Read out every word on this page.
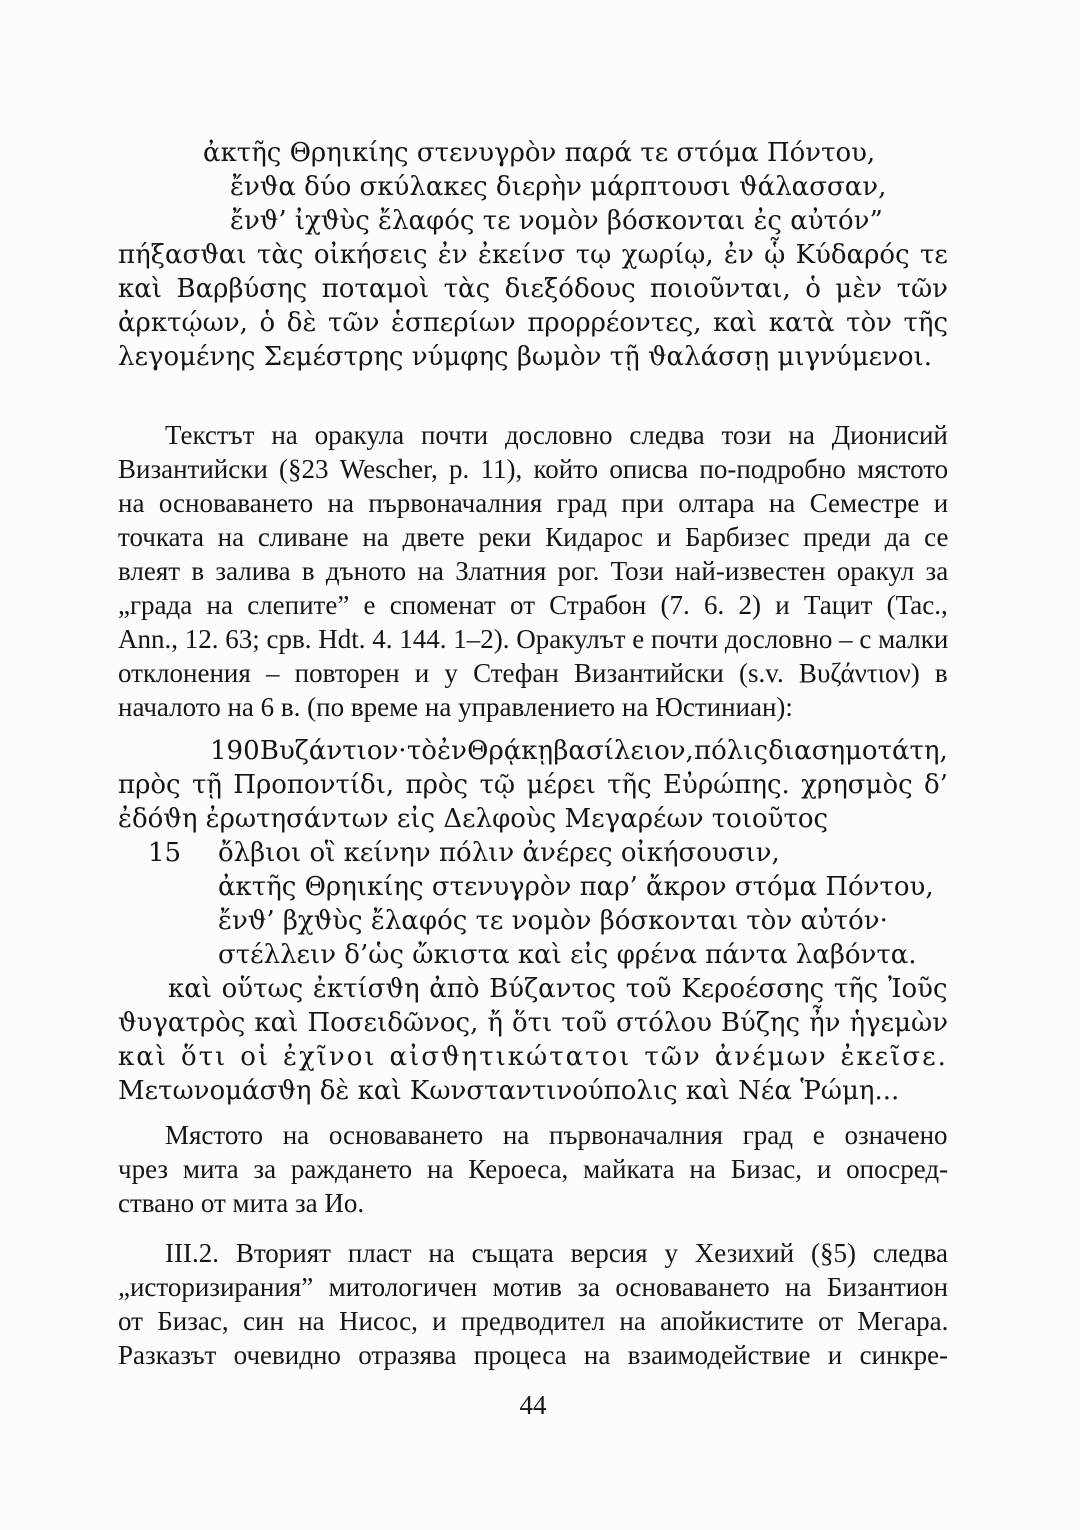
ἀκτῆς Θρηικίης στενυγρὸν παρά τε στόμα Πόντου,
ἔνϑα δύο σκύλακες διερὴν μάρπτουσι ϑάλασσαν,
ἔνϑ’ ἰχϑὺς ἔλαφός τε νομὸν βόσκονται ἐς αὐτόν”
πήξασϑαι τὰς οἰκήσεις ἐν ἐκείνσ τῳ χωρίῳ, ἐν ᾧ Κύδαρός τε
καὶ Βαρβύσης ποταμοὶ τὰς διεξόδους ποιοῦνται, ὁ μὲν τῶν
ἀρκτῴων, ὁ δὲ τῶν ἑσπερίων προρρέοντες, καὶ κατὰ τὸν τῆς
λεγομένης Σεμέστρης νύμφης βωμὸν τῇ ϑαλάσσῃ μιγνύμενοι.
Текстът на оракула почти дословно следва този на Дионисий
Византийски (§23 Wescher, p. 11), който описва по-подробно мястото
на основаването на първоначалния град при олтара на Семестре и
точката на сливане на двете реки Кидарос и Барбизес преди да се
влеят в залива в дъното на Златния рог. Този най-известен оракул за
„града на слепите” е споменат от Страбон (7. 6. 2) и Тацит (Tac.,
Ann., 12. 63; срв. Hdt. 4. 144. 1–2). Оракулът е почти дословно – с малки
отклонения – повторен и у Стефан Византийски (s.v. Βυζάντιον) в
началото на 6 в. (по време на управлението на Юстиниан):
190 Βυζάντιον· τὸ ἐν Θρᾴκῃ βασίλειον, πόλις διασημοτάτη,
πρὸς τῇ Προποντίδι, πρὸς τῷ μέρει τῆς Εὐρώπης. χρησμὸς δ’
ἐδόϑη ἐρωτησάντων εἰς Δελφοὺς Μεγαρέων τοιοῦτος
15 ὄλβιοι οἳ κείνην πόλιν ἀνέρες οἰκήσουσιν,
ἀκτῆς Θρηικίης στενυγρὸν παρ’ ἄκρον στόμα Πόντου,
ἔνϑ’ βχϑὺς ἔλαφός τε νομὸν βόσκονται τὸν αὐτόν·
στέλλειν δ’ὡς ὤκιστα καὶ εἰς φρένα πάντα λαβόντα.
καὶ οὕτως ἐκτίσϑη ἀπὸ Βύζαντος τοῦ Κεροέσσης τῆς Ἰοῦς
ϑυγατρὸς καὶ Ποσειδῶνος, ἤ ὅτι τοῦ στόλου Βύζης ἦν ἡγεμὼν
καὶ ὅτι οἱ ἐχῖνοι αἰσϑητικώτατοι τῶν ἀνέμων ἐκεῖσε.
Μετωνομάσϑη δὲ καὶ Κωνσταντινούπολις καὶ Νέα Ῥώμη...
Мястото на основаването на първоначалния град е означено
чрез мита за раждането на Кероеса, майката на Бизас, и опосред-
ствано от мита за Ио.
III.2. Вторият пласт на същата версия у Хезихий (§5) следва
„историзирания” митологичен мотив за основаването на Бизантион
от Бизас, син на Нисос, и предводител на апойкистите от Мегара.
Разказът очевидно отразява процеса на взаимодействие и синкре-
44
